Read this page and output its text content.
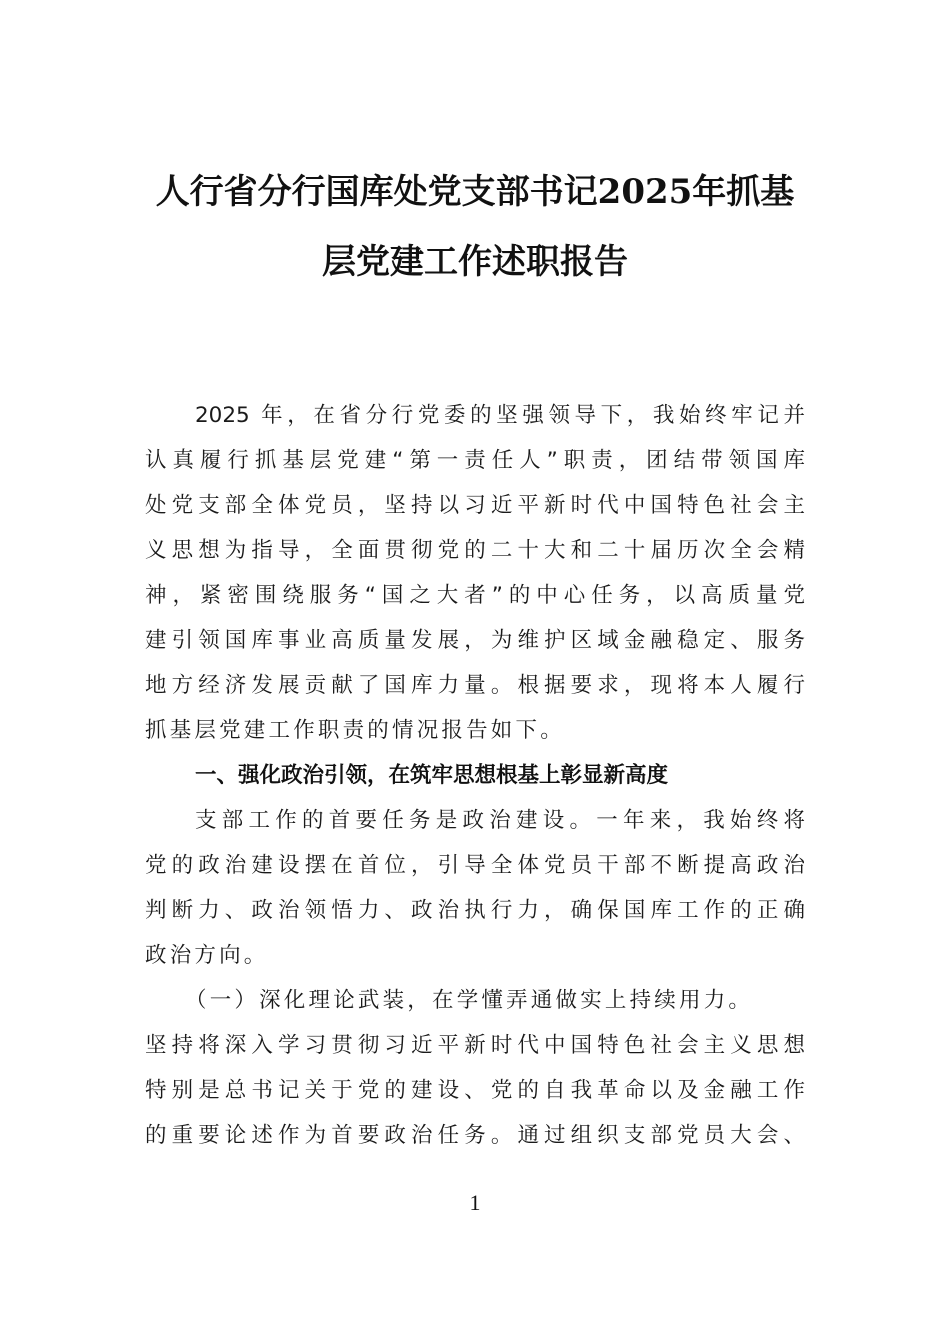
人行省分行国库处党支部书记2025年抓基
层党建工作述职报告
2025 年，在省分行党委的坚强领导下，我始终牢记并
认真履行抓基层党建“第一责任人”职责，团结带领国库
处党支部全体党员，坚持以习近平新时代中国特色社会主
义思想为指导，全面贯彻党的二十大和二十届历次全会精
神，紧密围绕服务“国之大者”的中心任务，以高质量党
建引领国库事业高质量发展，为维护区域金融稳定、服务
地方经济发展贡献了国库力量。根据要求，现将本人履行
抓基层党建工作职责的情况报告如下。
一、强化政治引领，在筑牢思想根基上彰显新高度
支部工作的首要任务是政治建设。一年来，我始终将
党的政治建设摆在首位，引导全体党员干部不断提高政治
判断力、政治领悟力、政治执行力，确保国库工作的正确
政治方向。
（一）深化理论武装，在学懂弄通做实上持续用力。
坚持将深入学习贯彻习近平新时代中国特色社会主义思想
特别是总书记关于党的建设、党的自我革命以及金融工作
的重要论述作为首要政治任务。通过组织支部党员大会、
1
